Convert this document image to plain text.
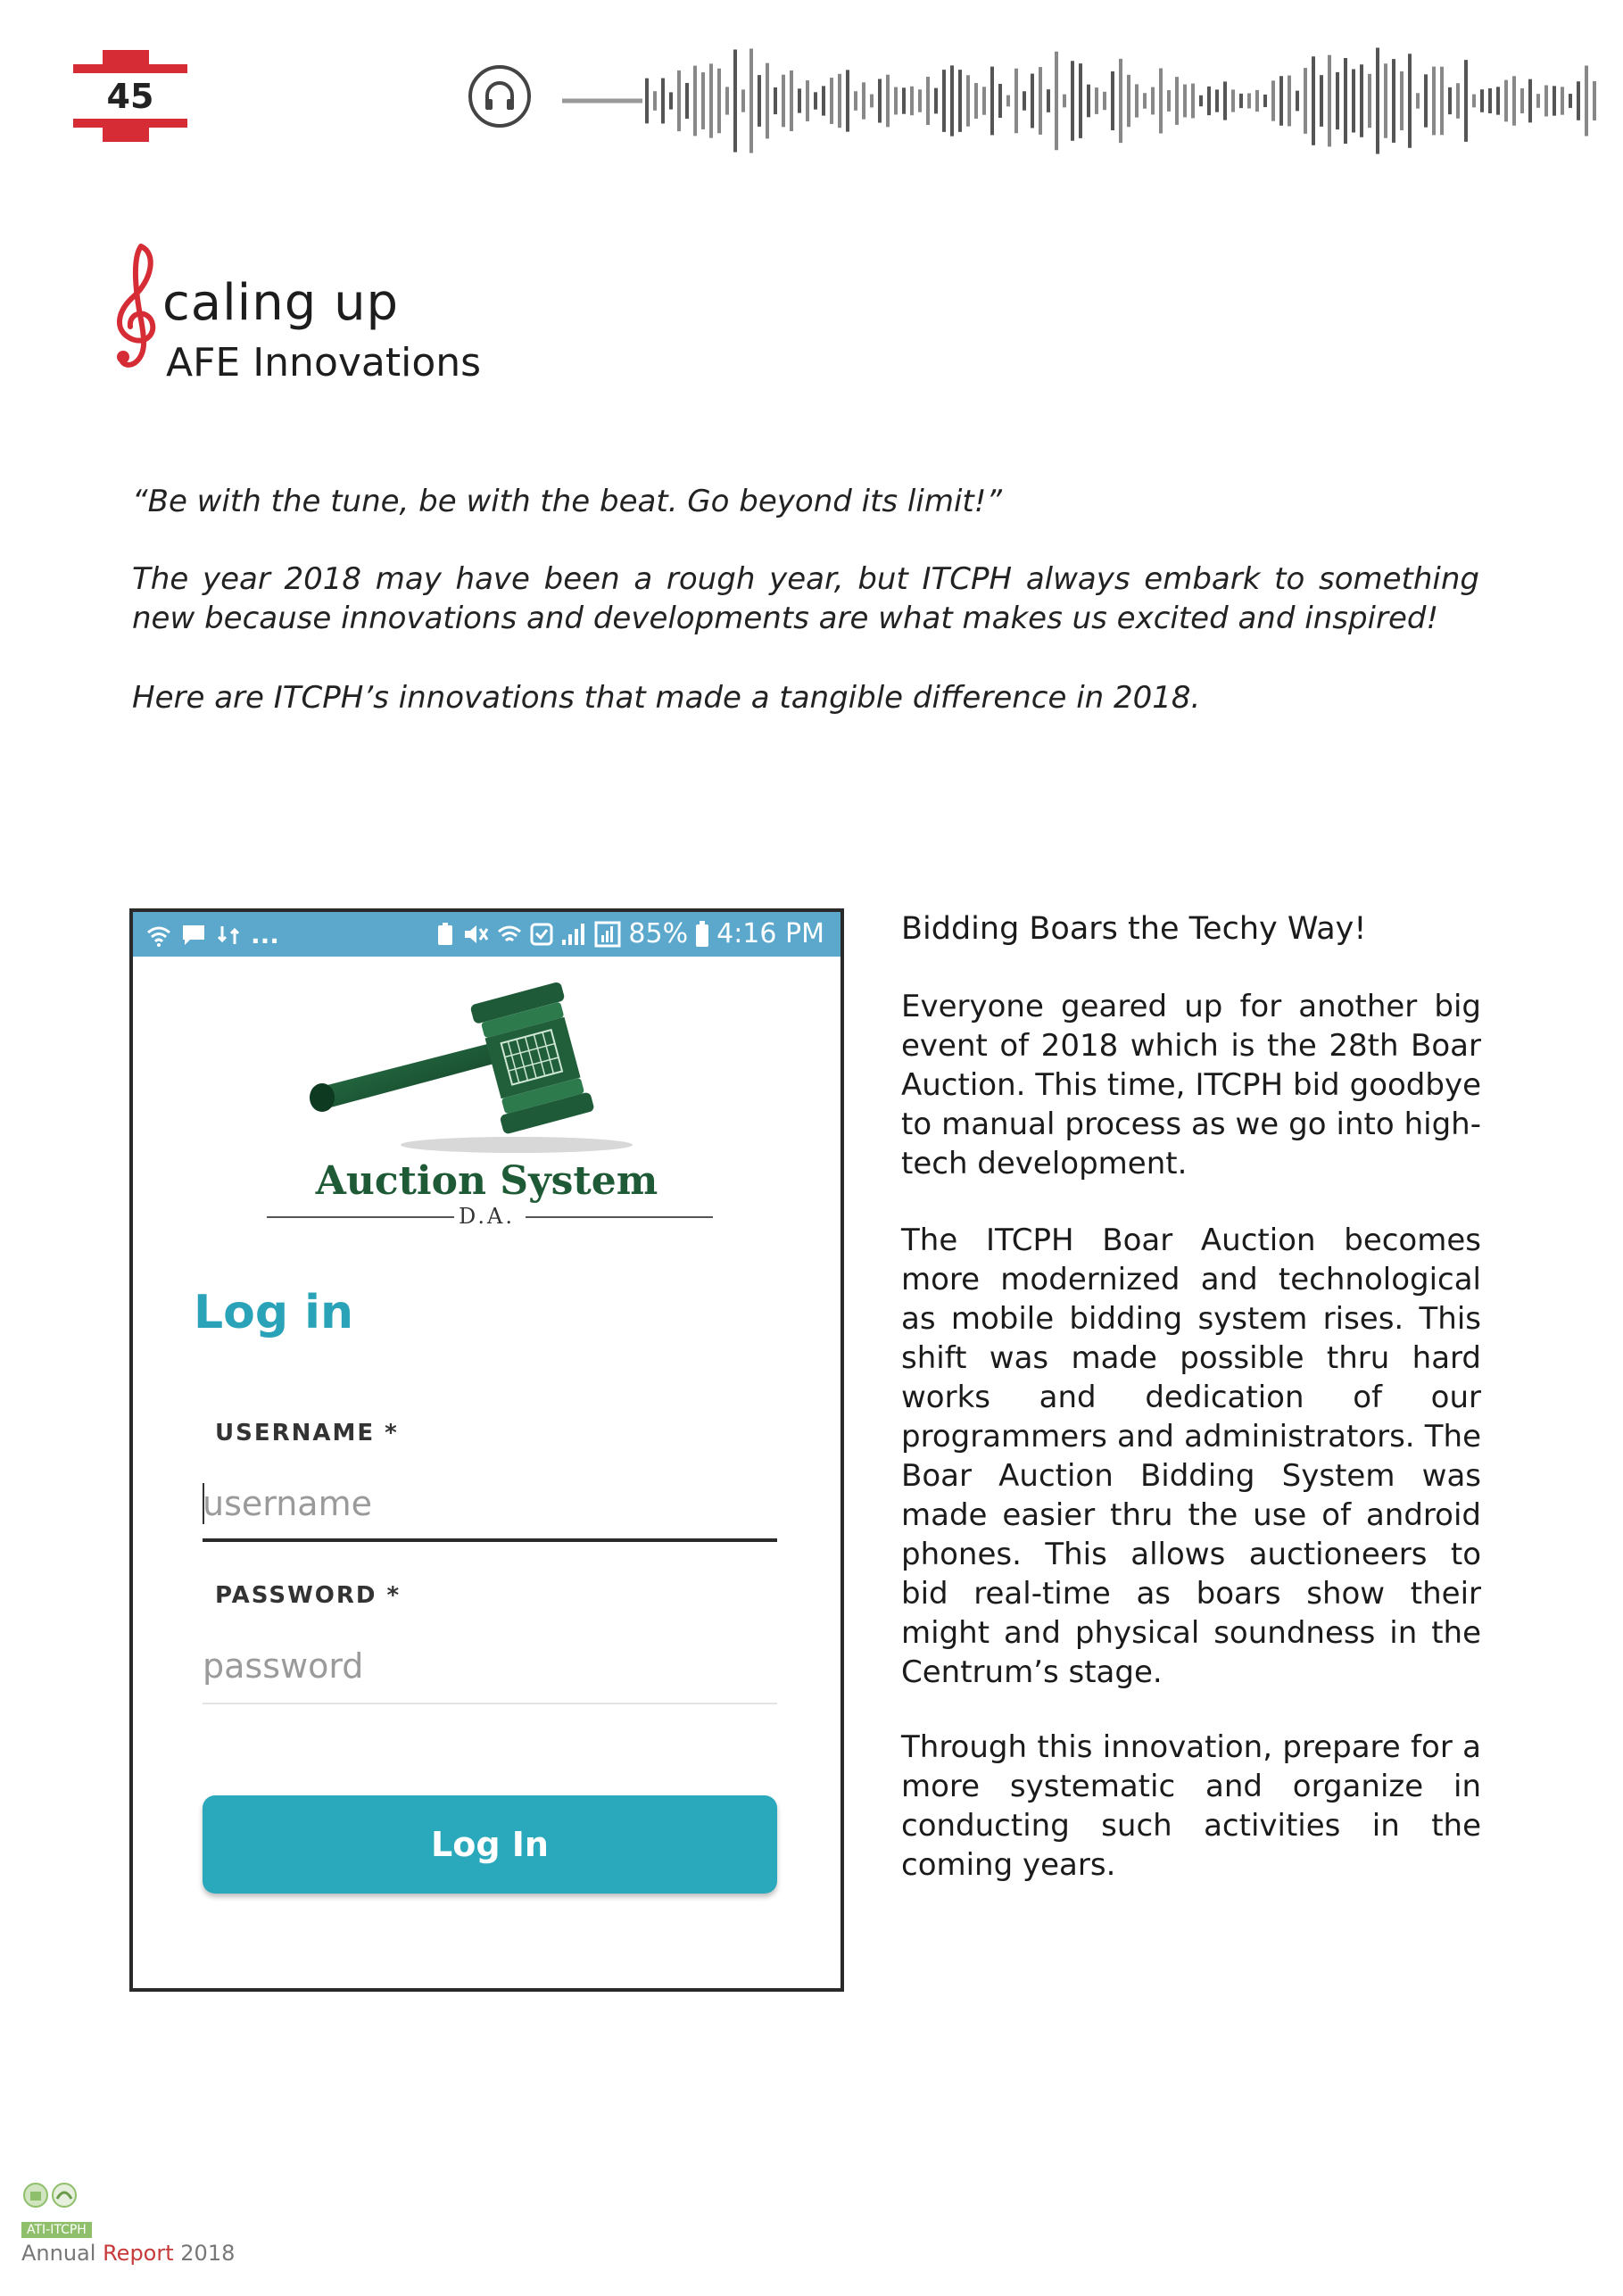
45
caling up
AFE Innovations

“Be with the tune, be with the beat. Go beyond its limit!”

The year 2018 may have been a rough year, but ITCPH always embark to something new because innovations and developments are what makes us excited and inspired!

Here are ITCPH’s innovations that made a tangible difference in 2018.

...	85% 4:16 PM
Auction System
D.A.
Log in
USERNAME *
username
PASSWORD *
Log In
Bidding Boars the Techy Way!

Everyone geared up for another big event of 2018 which is the 28th Boar Auction. This time, ITCPH bid goodbye to manual process as we go into high-tech development.

The ITCPH Boar Auction becomes more modernized and technological as mobile bidding system rises. This shift was made possible thru hard works and dedication of our programmers and administrators. The Boar Auction Bidding System was made easier thru the use of android phones. This allows auctioneers to bid real-time as boars show their might and physical soundness in the Centrum’s stage.

Through this innovation, prepare for a more systematic and organize in conducting such activities in the coming years.

ATI-ITCPH
Annual Report 2018
